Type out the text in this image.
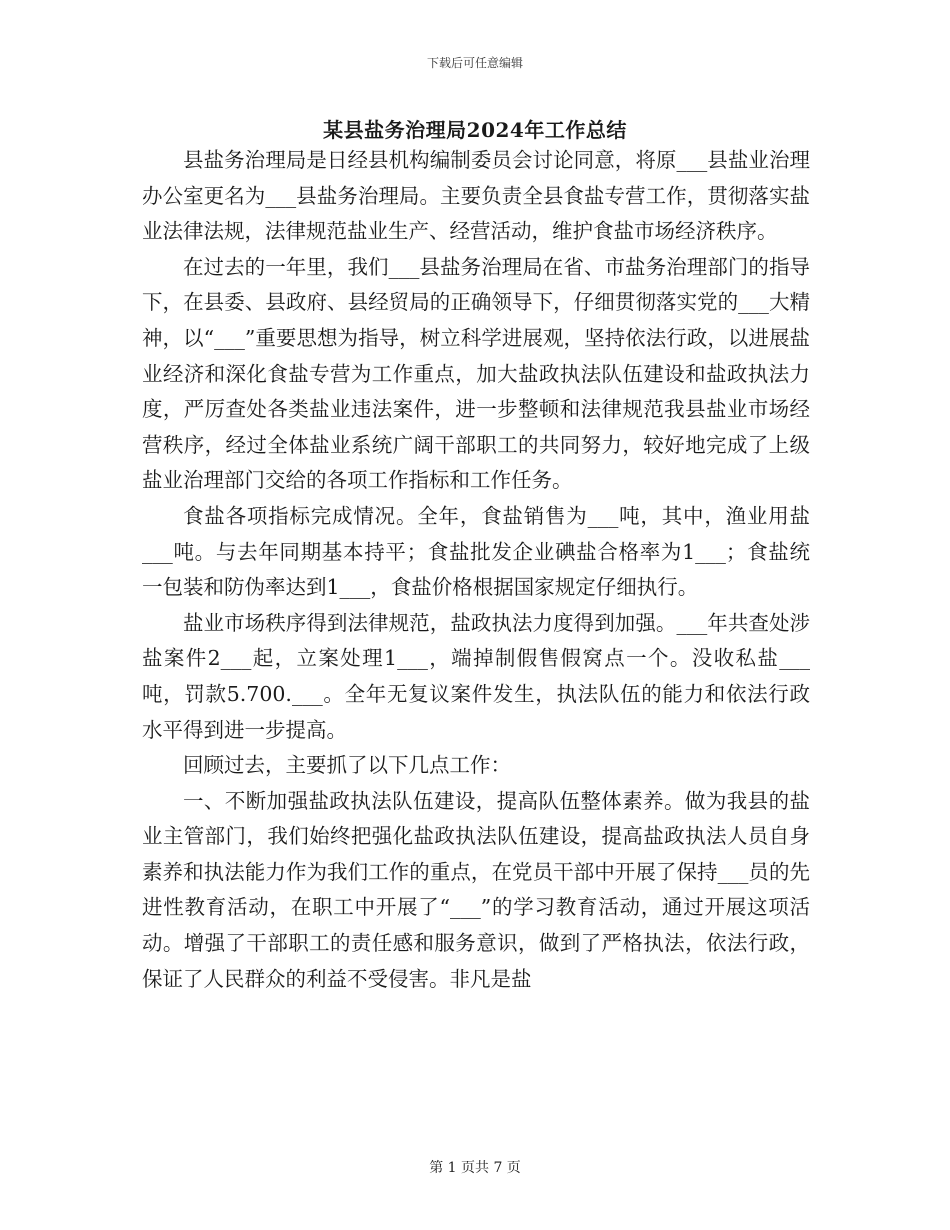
下载后可任意编辑
某县盐务治理局2024年工作总结

县盐务治理局是日经县机构编制委员会讨论同意，将原___县盐业治理办公室更名为___县盐务治理局。主要负责全县食盐专营工作，贯彻落实盐业法律法规，法律规范盐业生产、经营活动，维护食盐市场经济秩序。

在过去的一年里，我们___县盐务治理局在省、市盐务治理部门的指导下，在县委、县政府、县经贸局的正确领导下，仔细贯彻落实党的___大精神，以“___”重要思想为指导，树立科学进展观，坚持依法行政，以进展盐业经济和深化食盐专营为工作重点，加大盐政执法队伍建设和盐政执法力度，严厉查处各类盐业违法案件，进一步整顿和法律规范我县盐业市场经营秩序，经过全体盐业系统广阔干部职工的共同努力，较好地完成了上级盐业治理部门交给的各项工作指标和工作任务。

食盐各项指标完成情况。全年，食盐销售为___吨，其中，渔业用盐___吨。与去年同期基本持平；食盐批发企业碘盐合格率为1___；食盐统一包装和防伪率达到1___，食盐价格根据国家规定仔细执行。

盐业市场秩序得到法律规范，盐政执法力度得到加强。___年共查处涉盐案件2___起，立案处理1___，端掉制假售假窝点一个。没收私盐___吨，罚款5.700.___。全年无复议案件发生，执法队伍的能力和依法行政水平得到进一步提高。

回顾过去，主要抓了以下几点工作：

一、不断加强盐政执法队伍建设，提高队伍整体素养。做为我县的盐业主管部门，我们始终把强化盐政执法队伍建设，提高盐政执法人员自身素养和执法能力作为我们工作的重点，在党员干部中开展了保持___员的先进性教育活动，在职工中开展了“___”的学习教育活动，通过开展这项活动。增强了干部职工的责任感和服务意识，做到了严格执法，依法行政，保证了人民群众的利益不受侵害。非凡是盐

第 1 页共 7 页
